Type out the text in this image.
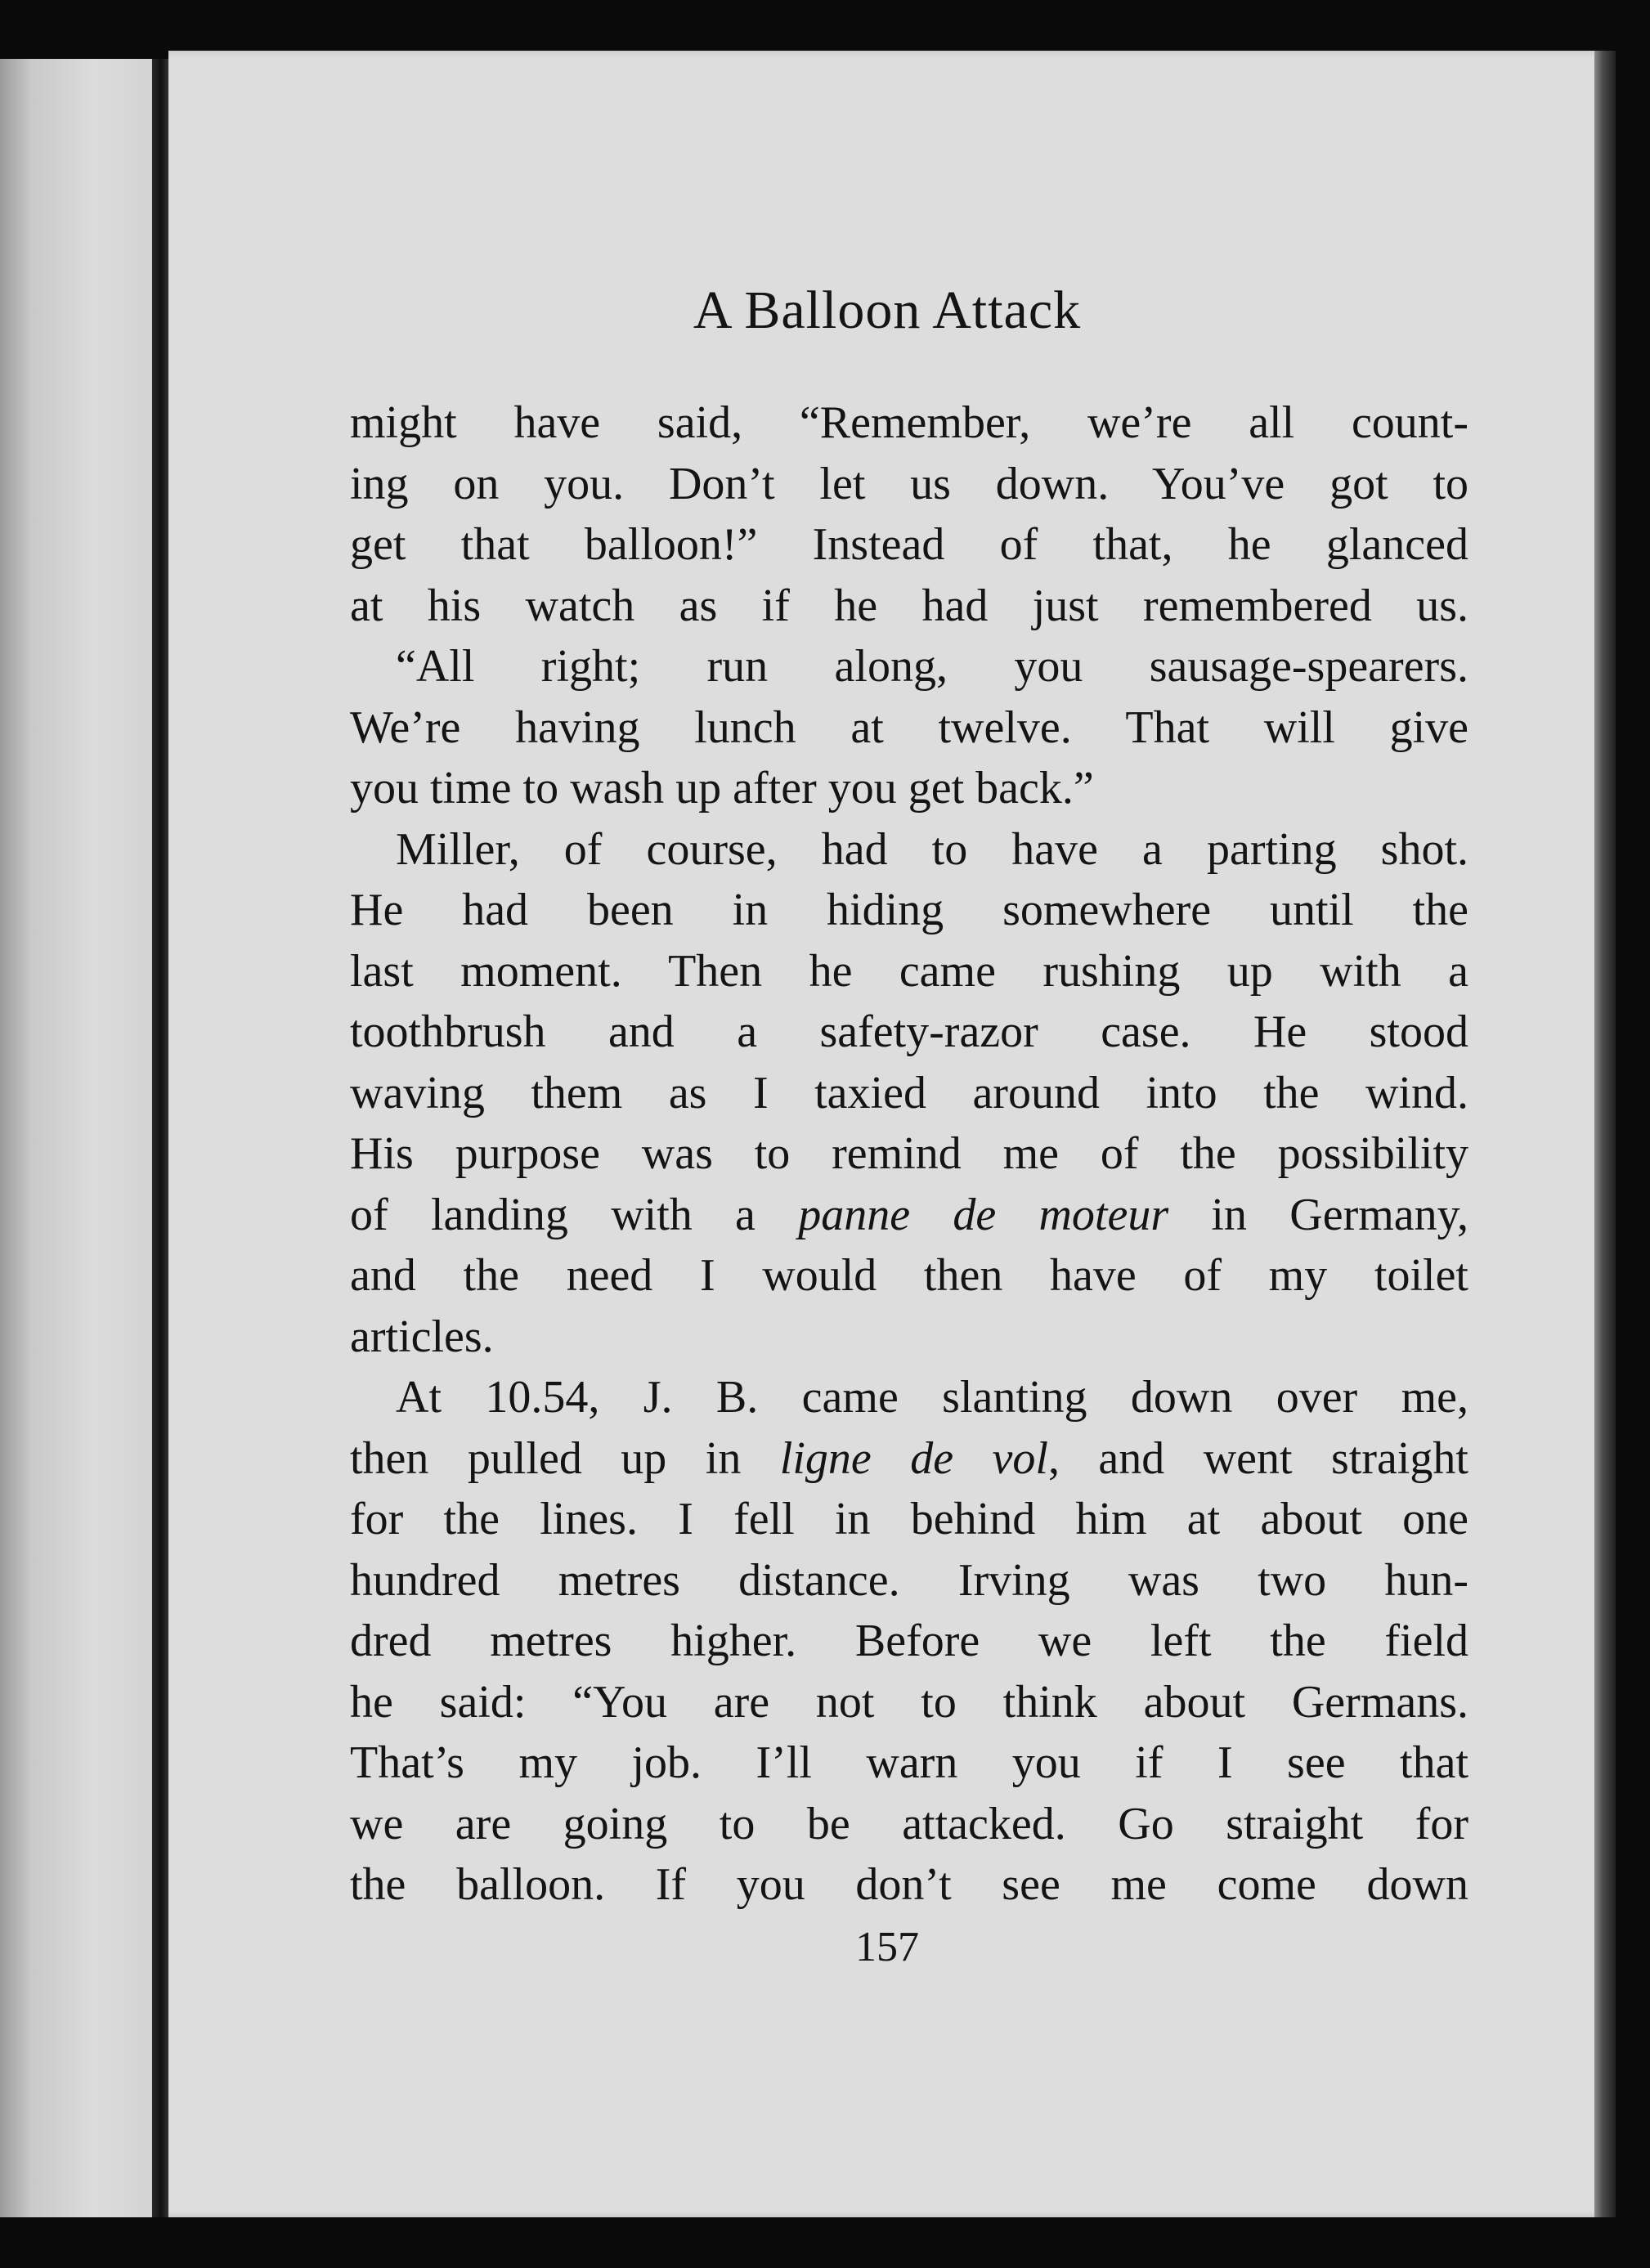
A Balloon Attack
might have said, “Remember, we’re all count-
ing on you. Don’t let us down. You’ve got to
get that balloon!” Instead of that, he glanced
at his watch as if he had just remembered us.
“All right; run along, you sausage-spearers.
We’re having lunch at twelve. That will give
you time to wash up after you get back.”
Miller, of course, had to have a parting shot.
He had been in hiding somewhere until the
last moment. Then he came rushing up with a
toothbrush and a safety-razor case. He stood
waving them as I taxied around into the wind.
His purpose was to remind me of the possibility
of landing with a panne de moteur in Germany,
and the need I would then have of my toilet
articles.
At 10.54, J. B. came slanting down over me,
then pulled up in ligne de vol, and went straight
for the lines. I fell in behind him at about one
hundred metres distance. Irving was two hun-
dred metres higher. Before we left the field
he said: “You are not to think about Germans.
That’s my job. I’ll warn you if I see that
we are going to be attacked. Go straight for
the balloon. If you don’t see me come down
157
